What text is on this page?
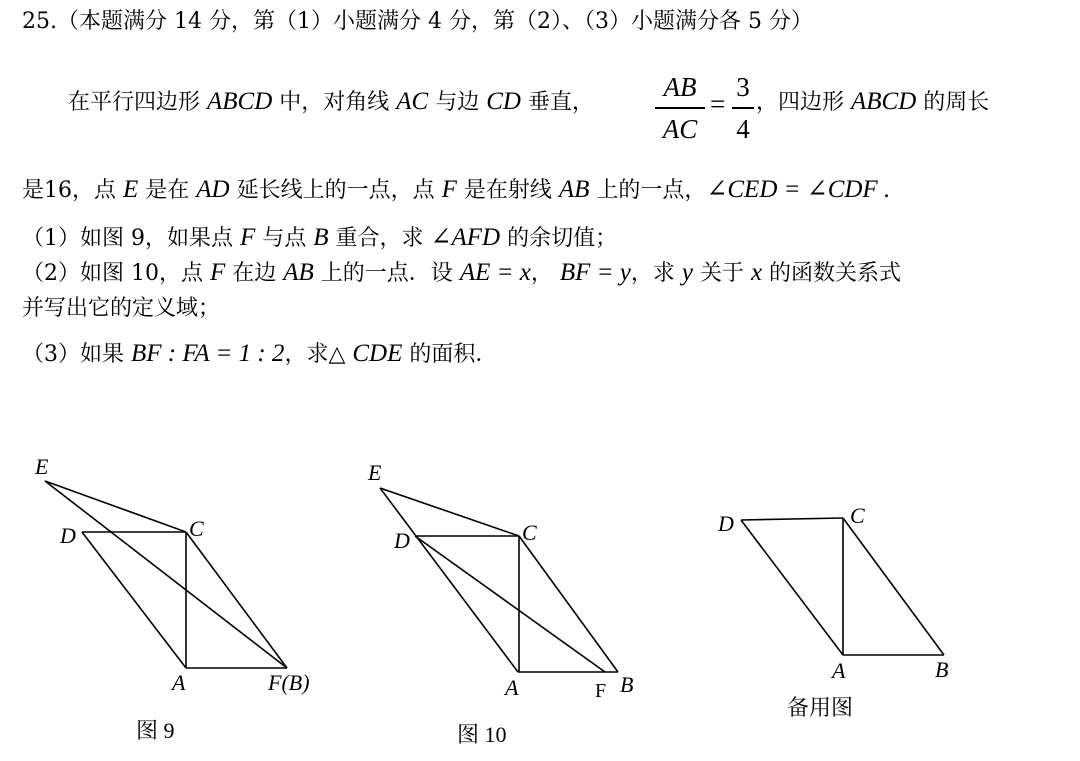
25.（本题满分 14 分，第（1）小题满分 4 分，第（2）、（3）小题满分各 5 分）
在平行四边形 ABCD 中，对角线 AC 与边 CD 垂直，
AB
AC
=
3
4
，四边形 ABCD 的周长
是16，点 E 是在 AD 延长线上的一点，点 F 是在射线 AB 上的一点，∠CED = ∠CDF .
（1）如图 9，如果点 F 与点 B 重合，求 ∠AFD 的余切值；
（2）如图 10，点 F 在边 AB 上的一点．设 AE = x， BF = y，求 y 关于 x 的函数关系式
并写出它的定义域；
（3）如果 BF : FA = 1 : 2，求△ CDE 的面积．
E
D	C
A	F(B)
图 9
E
D	C
A	B
F
图 10
D	C
A	B
备用图
